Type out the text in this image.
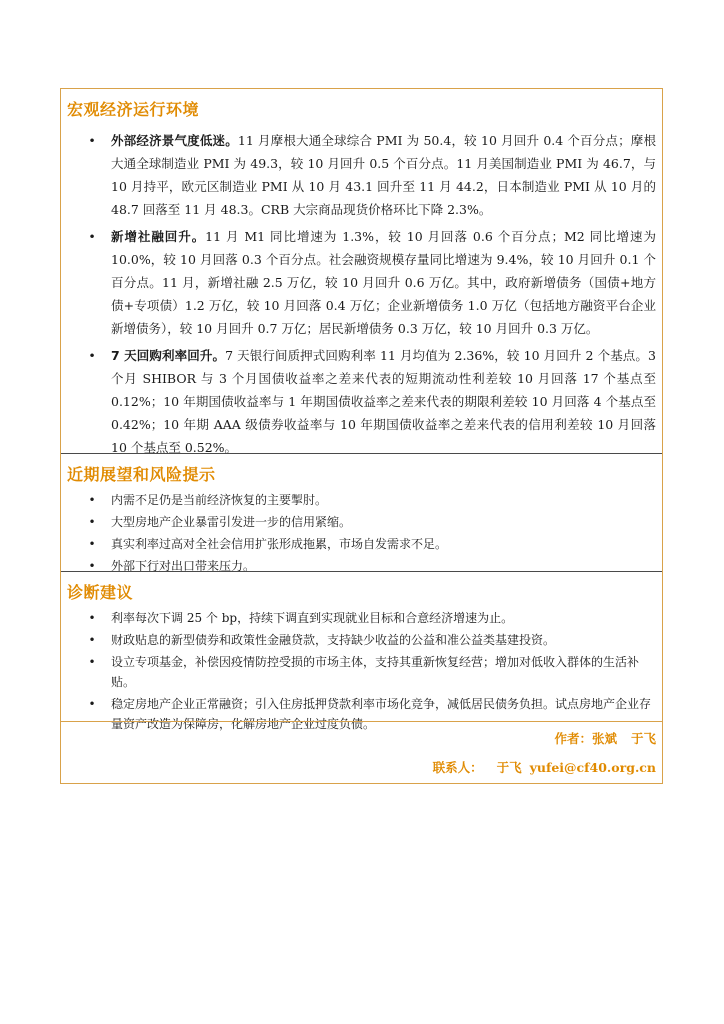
宏观经济运行环境
• 外部经济景气度低迷。11 月摩根大通全球综合 PMI 为 50.4，较 10 月回升 0.4 个百分点；摩根大通全球制造业 PMI 为 49.3，较 10 月回升 0.5 个百分点。11 月美国制造业 PMI 为 46.7，与 10 月持平，欧元区制造业 PMI 从 10 月 43.1 回升至 11 月 44.2，日本制造业 PMI 从 10 月的 48.7 回落至 11 月 48.3。CRB 大宗商品现货价格环比下降 2.3%。
• 新增社融回升。11 月 M1 同比增速为 1.3%，较 10 月回落 0.6 个百分点；M2 同比增速为 10.0%，较 10 月回落 0.3 个百分点。社会融资规模存量同比增速为 9.4%，较 10 月回升 0.1 个百分点。11 月，新增社融 2.5 万亿，较 10 月回升 0.6 万亿。其中，政府新增债务（国债+地方债+专项债）1.2 万亿，较 10 月回落 0.4 万亿；企业新增债务 1.0 万亿（包括地方融资平台企业新增债务），较 10 月回升 0.7 万亿；居民新增债务 0.3 万亿，较 10 月回升 0.3 万亿。
• 7 天回购利率回升。7 天银行间质押式回购利率 11 月均值为 2.36%，较 10 月回升 2 个基点。3 个月 SHIBOR 与 3 个月国债收益率之差来代表的短期流动性利差较 10 月回落 17 个基点至 0.12%；10 年期国债收益率与 1 年期国债收益率之差来代表的期限利差较 10 月回落 4 个基点至 0.42%；10 年期 AAA 级债券收益率与 10 年期国债收益率之差来代表的信用利差较 10 月回落 10 个基点至 0.52%。
近期展望和风险提示
• 内需不足仍是当前经济恢复的主要掣肘。
• 大型房地产企业暴雷引发进一步的信用紧缩。
• 真实利率过高对全社会信用扩张形成拖累，市场自发需求不足。
• 外部下行对出口带来压力。
诊断建议
• 利率每次下调 25 个 bp，持续下调直到实现就业目标和合意经济增速为止。
• 财政贴息的新型债券和政策性金融贷款，支持缺少收益的公益和准公益类基建投资。
• 设立专项基金，补偿因疫情防控受损的市场主体，支持其重新恢复经营；增加对低收入群体的生活补贴。
• 稳定房地产企业正常融资；引入住房抵押贷款利率市场化竞争，减低居民债务负担。试点房地产企业存量资产改造为保障房，化解房地产企业过度负债。
作者：张斌 于飞
联系人： 于飞 yufei@cf40.org.cn
